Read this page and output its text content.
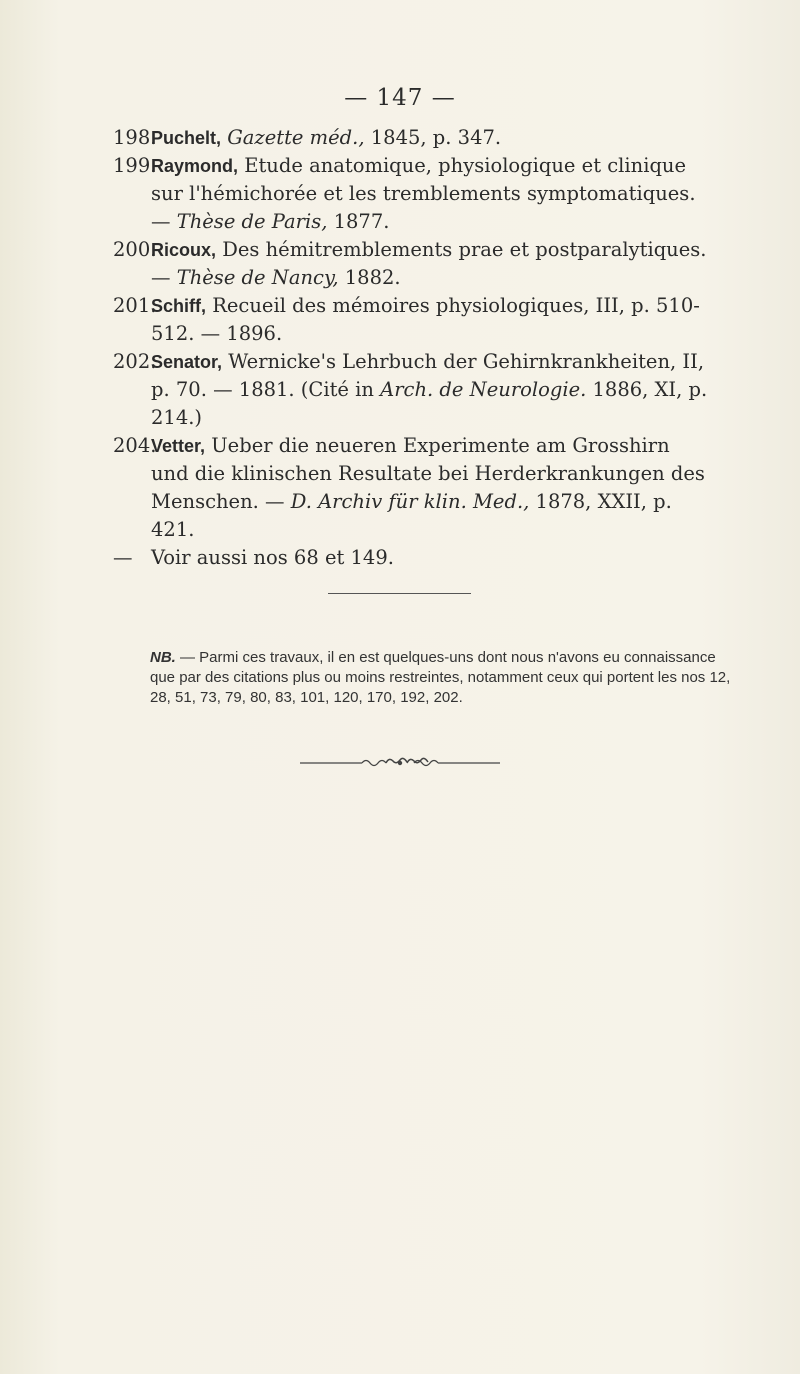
— 147 —
198.
Puchelt, Gazette méd., 1845, p. 347.
199.
Raymond, Etude anatomique, physiologique et clinique sur l'hémichorée et les tremblements symptomatiques. — Thèse de Paris, 1877.
200.
Ricoux, Des hémitremblements prae et postparalytiques. — Thèse de Nancy, 1882.
201.
Schiff, Recueil des mémoires physiologiques, III, p. 510-512. — 1896.
202.
Senator, Wernicke's Lehrbuch der Gehirnkrankheiten, II, p. 70. — 1881. (Cité in Arch. de Neurologie. 1886, XI, p. 214.)
204.
Vetter, Ueber die neueren Experimente am Grosshirn und die klinischen Resultate bei Herderkrankungen des Menschen. — D. Archiv für klin. Med., 1878, XXII, p. 421.
— Voir aussi nos 68 et 149.
NB. — Parmi ces travaux, il en est quelques-uns dont nous n'avons eu connaissance que par des citations plus ou moins restreintes, notamment ceux qui portent les nos 12, 28, 51, 73, 79, 80, 83, 101, 120, 170, 192, 202.
